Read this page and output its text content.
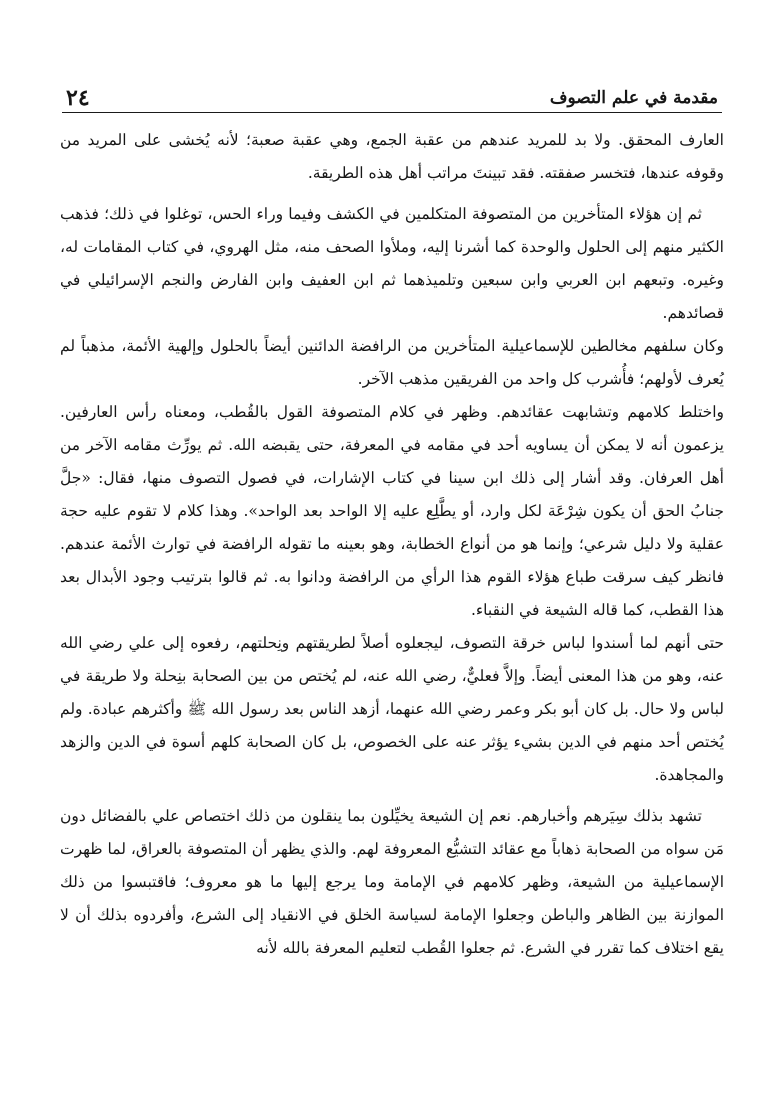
٢٤	مقدمة في علم التصوف

العارف المحقق. ولا بد للمريد عندهم من عقبة الجمع، وهي عقبة صعبة؛ لأنه يُخشى على المريد من وقوفه عندها، فتخسر صفقته. فقد تبينتَ مراتب أهل هذه الطريقة.

ثم إن هؤلاء المتأخرين من المتصوفة المتكلمين في الكشف وفيما وراء الحس، توغلوا في ذلك؛ فذهب الكثير منهم إلى الحلول والوحدة كما أشرنا إليه، وملأوا الصحف منه، مثل الهروي، في كتاب المقامات له، وغيره. وتبعهم ابن العربي وابن سبعين وتلميذهما ثم ابن العفيف وابن الفارض والنجم الإسرائيلي في قصائدهم.

وكان سلفهم مخالطين للإسماعيلية المتأخرين من الرافضة الدائنين أيضاً بالحلول وإلهية الأئمة، مذهباً لم يُعرف لأولهم؛ فأُشرب كل واحد من الفريقين مذهب الآخر.

واختلط كلامهم وتشابهت عقائدهم. وظهر في كلام المتصوفة القول بالقُطب، ومعناه رأس العارفين. يزعمون أنه لا يمكن أن يساويه أحد في مقامه في المعرفة، حتى يقبضه الله. ثم يورِّث مقامه الآخر من أهل العرفان. وقد أشار إلى ذلك ابن سينا في كتاب الإشارات، في فصول التصوف منها، فقال: «جلَّ جنابُ الحق أن يكون شِرْعَة لكل وارد، أو يطَّلِع عليه إلا الواحد بعد الواحد». وهذا كلام لا تقوم عليه حجة عقلية ولا دليل شرعي؛ وإنما هو من أنواع الخطابة، وهو بعينه ما تقوله الرافضة في توارث الأئمة عندهم. فانظر كيف سرقت طباع هؤلاء القوم هذا الرأي من الرافضة ودانوا به. ثم قالوا بترتيب وجود الأبدال بعد هذا القطب، كما قاله الشيعة في النقباء.

حتى أنهم لما أسندوا لباس خرقة التصوف، ليجعلوه أصلاً لطريقتهم ونِحلتهم، رفعوه إلى علي رضي الله عنه، وهو من هذا المعنى أيضاً. وإلاَّ فعليٌّ، رضي الله عنه، لم يُختص من بين الصحابة بنِحلة ولا طريقة في لباس ولا حال. بل كان أبو بكر وعمر رضي الله عنهما، أزهد الناس بعد رسول الله ﷺ وأكثرهم عبادة. ولم يُختص أحد منهم في الدين بشيء يؤثر عنه على الخصوص، بل كان الصحابة كلهم أسوة في الدين والزهد والمجاهدة.

تشهد بذلك سِيَرهم وأخبارهم. نعم إن الشيعة يخيِّلون بما ينقلون من ذلك اختصاص علي بالفضائل دون مَن سواه من الصحابة ذهاباً مع عقائد التشيُّع المعروفة لهم. والذي يظهر أن المتصوفة بالعراق، لما ظهرت الإسماعيلية من الشيعة، وظهر كلامهم في الإمامة وما يرجع إليها ما هو معروف؛ فاقتبسوا من ذلك الموازنة بين الظاهر والباطن وجعلوا الإمامة لسياسة الخلق في الانقياد إلى الشرع، وأفردوه بذلك أن لا يقع اختلاف كما تقرر في الشرع. ثم جعلوا القُطب لتعليم المعرفة بالله لأنه
